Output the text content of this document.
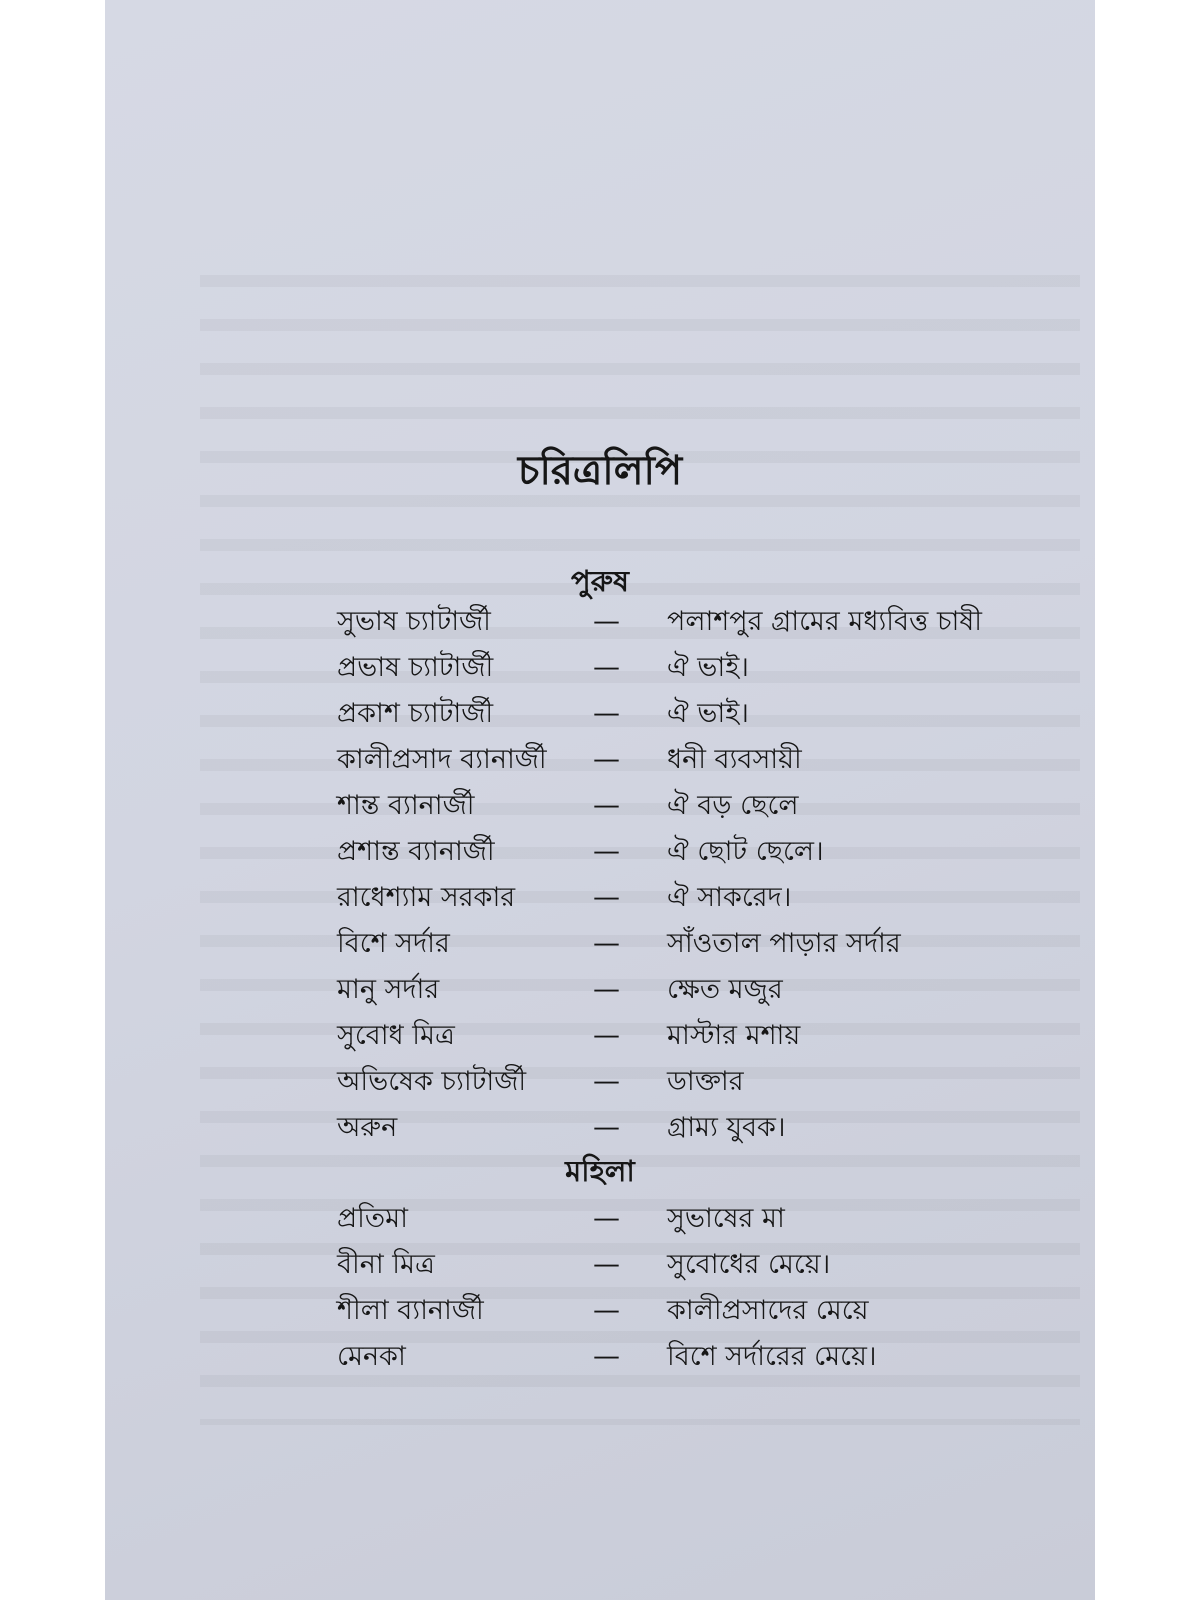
চরিত্রলিপি
পুরুষ
সুভাষ চ্যাটার্জী	— পলাশপুর গ্রামের মধ্যবিত্ত চাষী
প্রভাষ চ্যাটার্জী	— ঐ ভাই।
প্রকাশ চ্যাটার্জী	— ঐ ভাই।
কালীপ্রসাদ ব্যানার্জী — ধনী ব্যবসায়ী
শান্ত ব্যানার্জী	— ঐ বড় ছেলে
প্রশান্ত ব্যানার্জী	— ঐ ছোট ছেলে।
রাধেশ্যাম সরকার	— ঐ সাকরেদ।
বিশে সর্দার	— সাঁওতাল পাড়ার সর্দার
মানু সর্দার	— ক্ষেত মজুর
সুবোধ মিত্র	— মাস্টার মশায়
অভিষেক চ্যাটার্জী — ডাক্তার
অরুন	— গ্রাম্য যুবক।
মহিলা
প্রতিমা	— সুভাষের মা
বীনা মিত্র	— সুবোধের মেয়ে।
শীলা ব্যানার্জী	— কালীপ্রসাদের মেয়ে
মেনকা	— বিশে সর্দারের মেয়ে।
